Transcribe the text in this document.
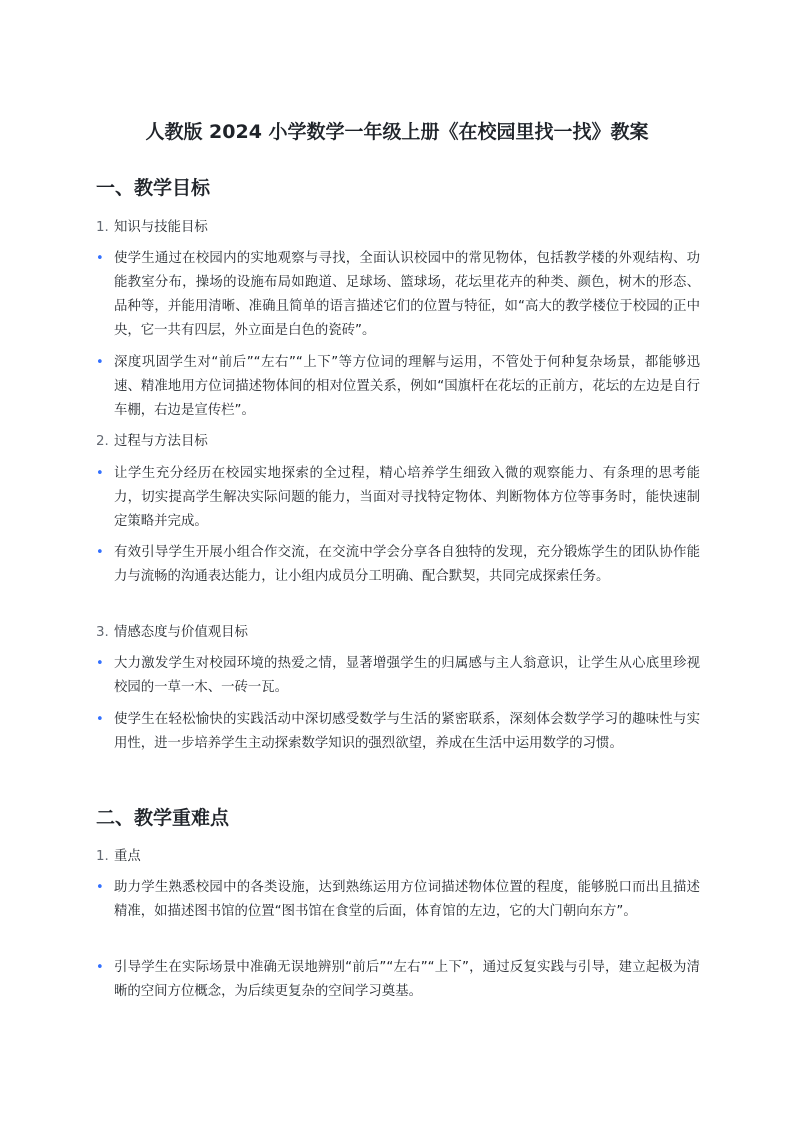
人教版 2024 小学数学一年级上册《在校园里找一找》教案
一、教学目标
1. 知识与技能目标
• 使学生通过在校园内的实地观察与寻找，全面认识校园中的常见物体，包括教学楼的外观结构、功能教室分布，操场的设施布局如跑道、足球场、篮球场，花坛里花卉的种类、颜色，树木的形态、品种等，并能用清晰、准确且简单的语言描述它们的位置与特征，如“高大的教学楼位于校园的正中央，它一共有四层，外立面是白色的瓷砖”。
• 深度巩固学生对“前后”“左右”“上下”等方位词的理解与运用，不管处于何种复杂场景，都能够迅速、精准地用方位词描述物体间的相对位置关系，例如“国旗杆在花坛的正前方，花坛的左边是自行车棚，右边是宣传栏”。
2. 过程与方法目标
• 让学生充分经历在校园实地探索的全过程，精心培养学生细致入微的观察能力、有条理的思考能力，切实提高学生解决实际问题的能力，当面对寻找特定物体、判断物体方位等事务时，能快速制定策略并完成。
• 有效引导学生开展小组合作交流，在交流中学会分享各自独特的发现，充分锻炼学生的团队协作能力与流畅的沟通表达能力，让小组内成员分工明确、配合默契，共同完成探索任务。
3. 情感态度与价值观目标
• 大力激发学生对校园环境的热爱之情，显著增强学生的归属感与主人翁意识，让学生从心底里珍视校园的一草一木、一砖一瓦。
• 使学生在轻松愉快的实践活动中深切感受数学与生活的紧密联系，深刻体会数学学习的趣味性与实用性，进一步培养学生主动探索数学知识的强烈欲望，养成在生活中运用数学的习惯。
二、教学重难点
1. 重点
• 助力学生熟悉校园中的各类设施，达到熟练运用方位词描述物体位置的程度，能够脱口而出且描述精准，如描述图书馆的位置“图书馆在食堂的后面，体育馆的左边，它的大门朝向东方”。
• 引导学生在实际场景中准确无误地辨别“前后”“左右”“上下”，通过反复实践与引导，建立起极为清晰的空间方位概念，为后续更复杂的空间学习奠基。
